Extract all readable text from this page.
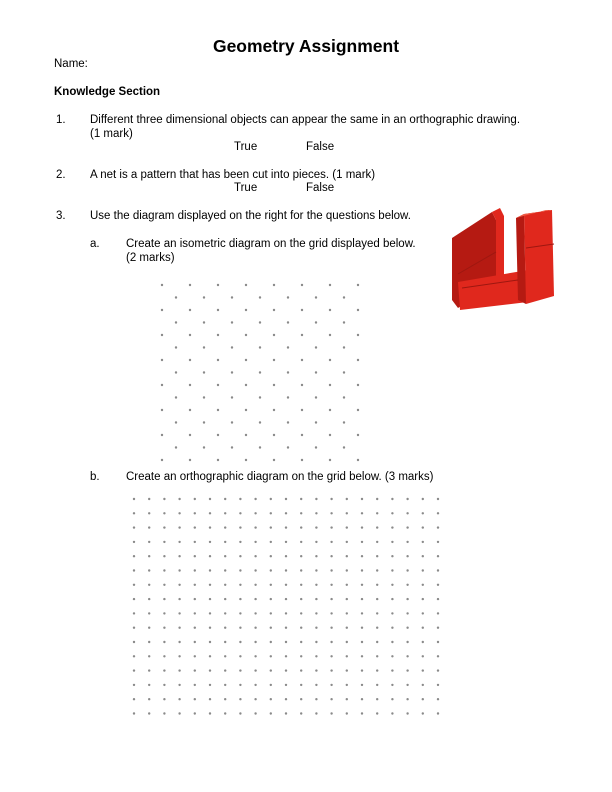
Geometry Assignment
Name:
Knowledge Section
1. Different three dimensional objects can appear the same in an orthographic drawing.
(1 mark)
True	False
2. A net is a pattern that has been cut into pieces. (1 mark)
True	False
3. Use the diagram displayed on the right for the questions below.
a. Create an isometric diagram on the grid displayed below.
(2 marks)
b. Create an orthographic diagram on the grid below. (3 marks)
